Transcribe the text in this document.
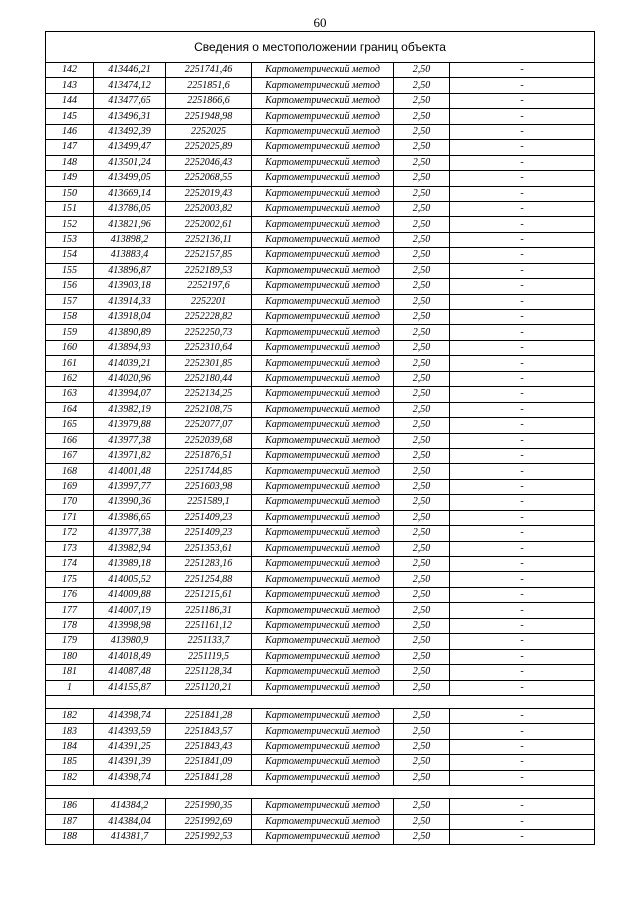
60
Сведения о местоположении границ объекта					
142	413446,21	2251741,46	Картометрический метод	2,50	-
143	413474,12	2251851,6	Картометрический метод	2,50	-
144	413477,65	2251866,6	Картометрический метод	2,50	-
145	413496,31	2251948,98	Картометрический метод	2,50	-
146	413492,39	2252025	Картометрический метод	2,50	-
147	413499,47	2252025,89	Картометрический метод	2,50	-
148	413501,24	2252046,43	Картометрический метод	2,50	-
149	413499,05	2252068,55	Картометрический метод	2,50	-
150	413669,14	2252019,43	Картометрический метод	2,50	-
151	413786,05	2252003,82	Картометрический метод	2,50	-
152	413821,96	2252002,61	Картометрический метод	2,50	-
153	413898,2	2252136,11	Картометрический метод	2,50	-
154	413883,4	2252157,85	Картометрический метод	2,50	-
155	413896,87	2252189,53	Картометрический метод	2,50	-
156	413903,18	2252197,6	Картометрический метод	2,50	-
157	413914,33	2252201	Картометрический метод	2,50	-
158	413918,04	2252228,82	Картометрический метод	2,50	-
159	413890,89	2252250,73	Картометрический метод	2,50	-
160	413894,93	2252310,64	Картометрический метод	2,50	-
161	414039,21	2252301,85	Картометрический метод	2,50	-
162	414020,96	2252180,44	Картометрический метод	2,50	-
163	413994,07	2252134,25	Картометрический метод	2,50	-
164	413982,19	2252108,75	Картометрический метод	2,50	-
165	413979,88	2252077,07	Картометрический метод	2,50	-
166	413977,38	2252039,68	Картометрический метод	2,50	-
167	413971,82	2251876,51	Картометрический метод	2,50	-
168	414001,48	2251744,85	Картометрический метод	2,50	-
169	413997,77	2251603,98	Картометрический метод	2,50	-
170	413990,36	2251589,1	Картометрический метод	2,50	-
171	413986,65	2251409,23	Картометрический метод	2,50	-
172	413977,38	2251409,23	Картометрический метод	2,50	-
173	413982,94	2251353,61	Картометрический метод	2,50	-
174	413989,18	2251283,16	Картометрический метод	2,50	-
175	414005,52	2251254,88	Картометрический метод	2,50	-
176	414009,88	2251215,61	Картометрический метод	2,50	-
177	414007,19	2251186,31	Картометрический метод	2,50	-
178	413998,98	2251161,12	Картометрический метод	2,50	-
179	413980,9	2251133,7	Картометрический метод	2,50	-
180	414018,49	2251119,5	Картометрический метод	2,50	-
181	414087,48	2251128,34	Картометрический метод	2,50	-
1	414155,87	2251120,21	Картометрический метод	2,50	-

182	414398,74	2251841,28	Картометрический метод	2,50	-
183	414393,59	2251843,57	Картометрический метод	2,50	-
184	414391,25	2251843,43	Картометрический метод	2,50	-
185	414391,39	2251841,09	Картометрический метод	2,50	-
182	414398,74	2251841,28	Картометрический метод	2,50	-

186	414384,2	2251990,35	Картометрический метод	2,50	-
187	414384,04	2251992,69	Картометрический метод	2,50	-
188	414381,7	2251992,53	Картометрический метод	2,50	-
